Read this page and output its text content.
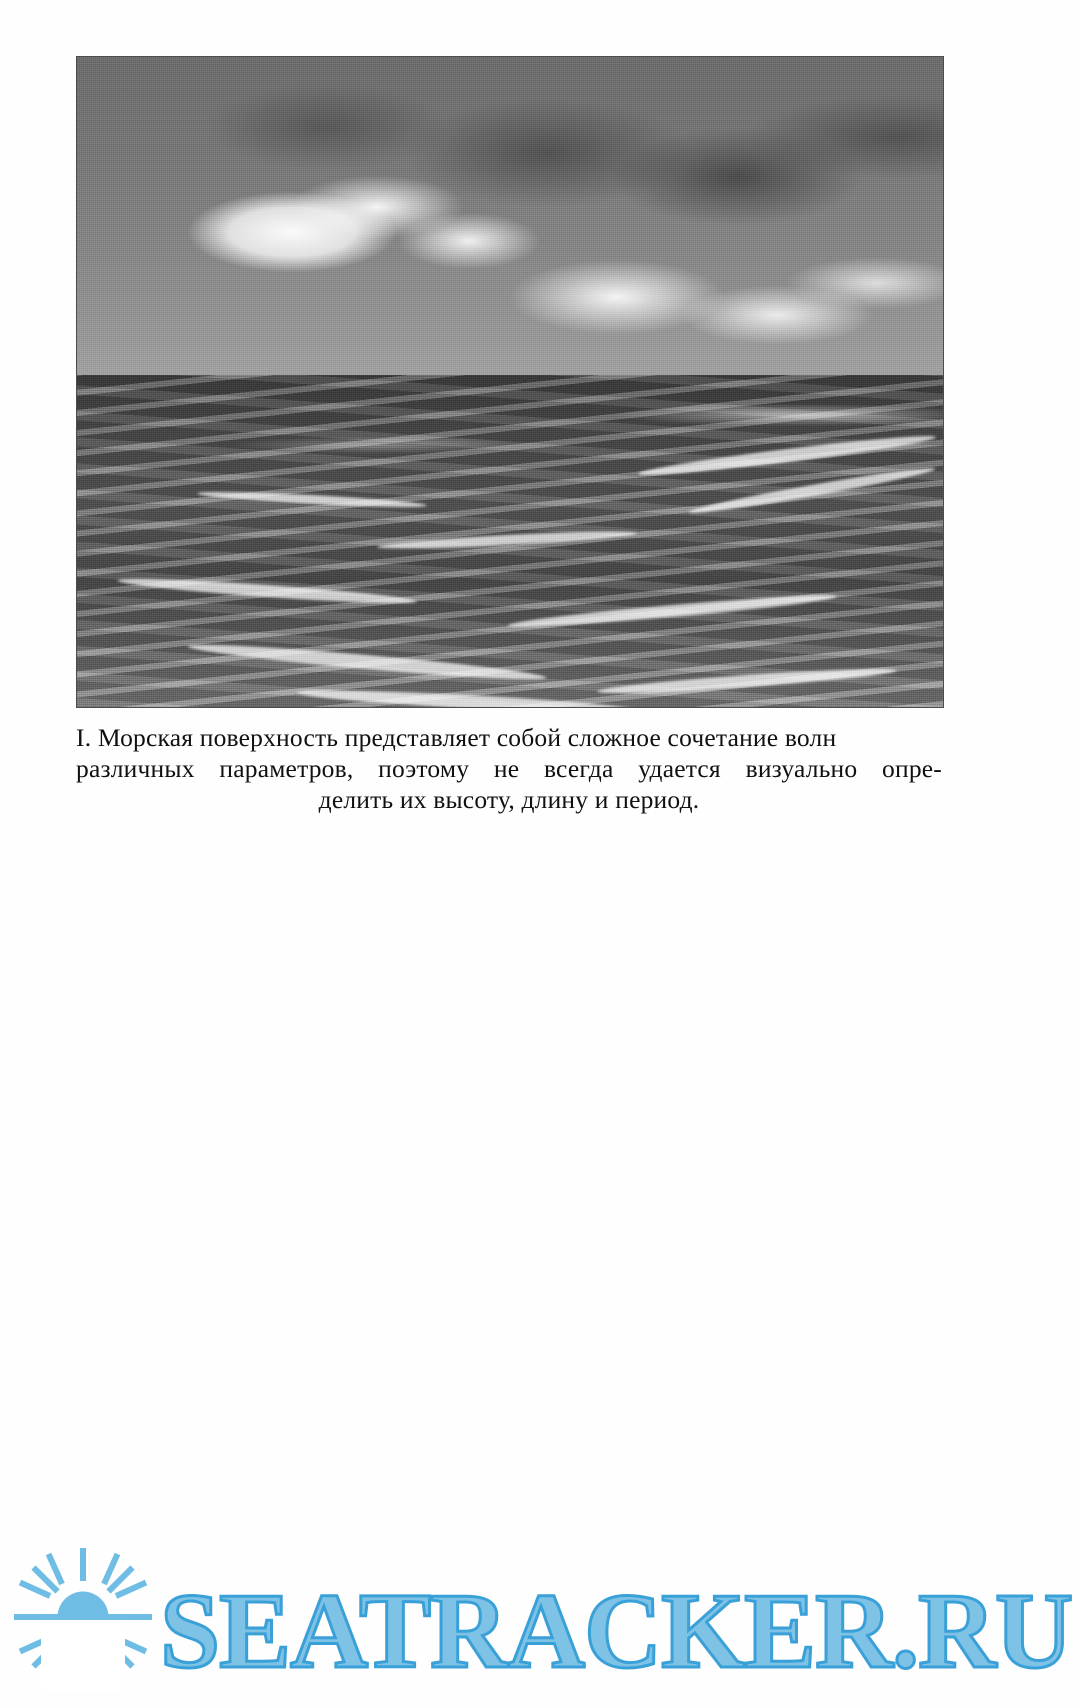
I. Морская поверхность представляет собой сложное сочетание волн
различных параметров, поэтому не всегда удается визуально опре-
делить их высоту, длину и период.
SEATRACKER.RU
